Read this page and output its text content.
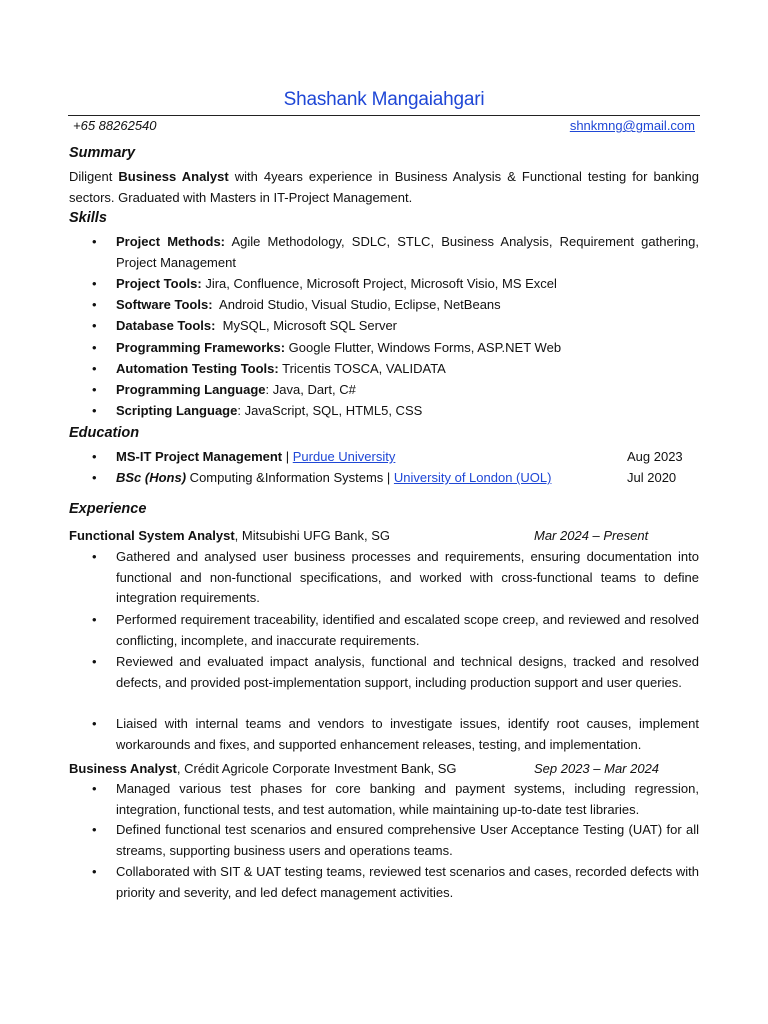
Shashank Mangaiahgari
+65 88262540	shnkmng@gmail.com
Summary
Diligent Business Analyst with 4years experience in Business Analysis & Functional testing for banking sectors. Graduated with Masters in IT-Project Management.
Skills
• Project Methods: Agile Methodology, SDLC, STLC, Business Analysis, Requirement gathering, Project Management
• Project Tools: Jira, Confluence, Microsoft Project, Microsoft Visio, MS Excel
• Software Tools:  Android Studio, Visual Studio, Eclipse, NetBeans
• Database Tools:  MySQL, Microsoft SQL Server
• Programming Frameworks: Google Flutter, Windows Forms, ASP.NET Web
• Automation Testing Tools: Tricentis TOSCA, VALIDATA
• Programming Language: Java, Dart, C#
• Scripting Language: JavaScript, SQL, HTML5, CSS
Education
• MS-IT Project Management | Purdue University	Aug 2023
• BSc (Hons) Computing &Information Systems | University of London (UOL)	Jul 2020
Experience
Functional System Analyst, Mitsubishi UFG Bank, SG	Mar 2024 – Present
• Gathered and analysed user business processes and requirements, ensuring documentation into functional and non-functional specifications, and worked with cross-functional teams to define integration requirements.
• Performed requirement traceability, identified and escalated scope creep, and reviewed and resolved conflicting, incomplete, and inaccurate requirements.
• Reviewed and evaluated impact analysis, functional and technical designs, tracked and resolved defects, and provided post-implementation support, including production support and user queries.
• Liaised with internal teams and vendors to investigate issues, identify root causes, implement workarounds and fixes, and supported enhancement releases, testing, and implementation.
Business Analyst, Crédit Agricole Corporate Investment Bank, SG	Sep 2023 – Mar 2024
• Managed various test phases for core banking and payment systems, including regression, integration, functional tests, and test automation, while maintaining up-to-date test libraries.
• Defined functional test scenarios and ensured comprehensive User Acceptance Testing (UAT) for all streams, supporting business users and operations teams.
• Collaborated with SIT & UAT testing teams, reviewed test scenarios and cases, recorded defects with priority and severity, and led defect management activities.
